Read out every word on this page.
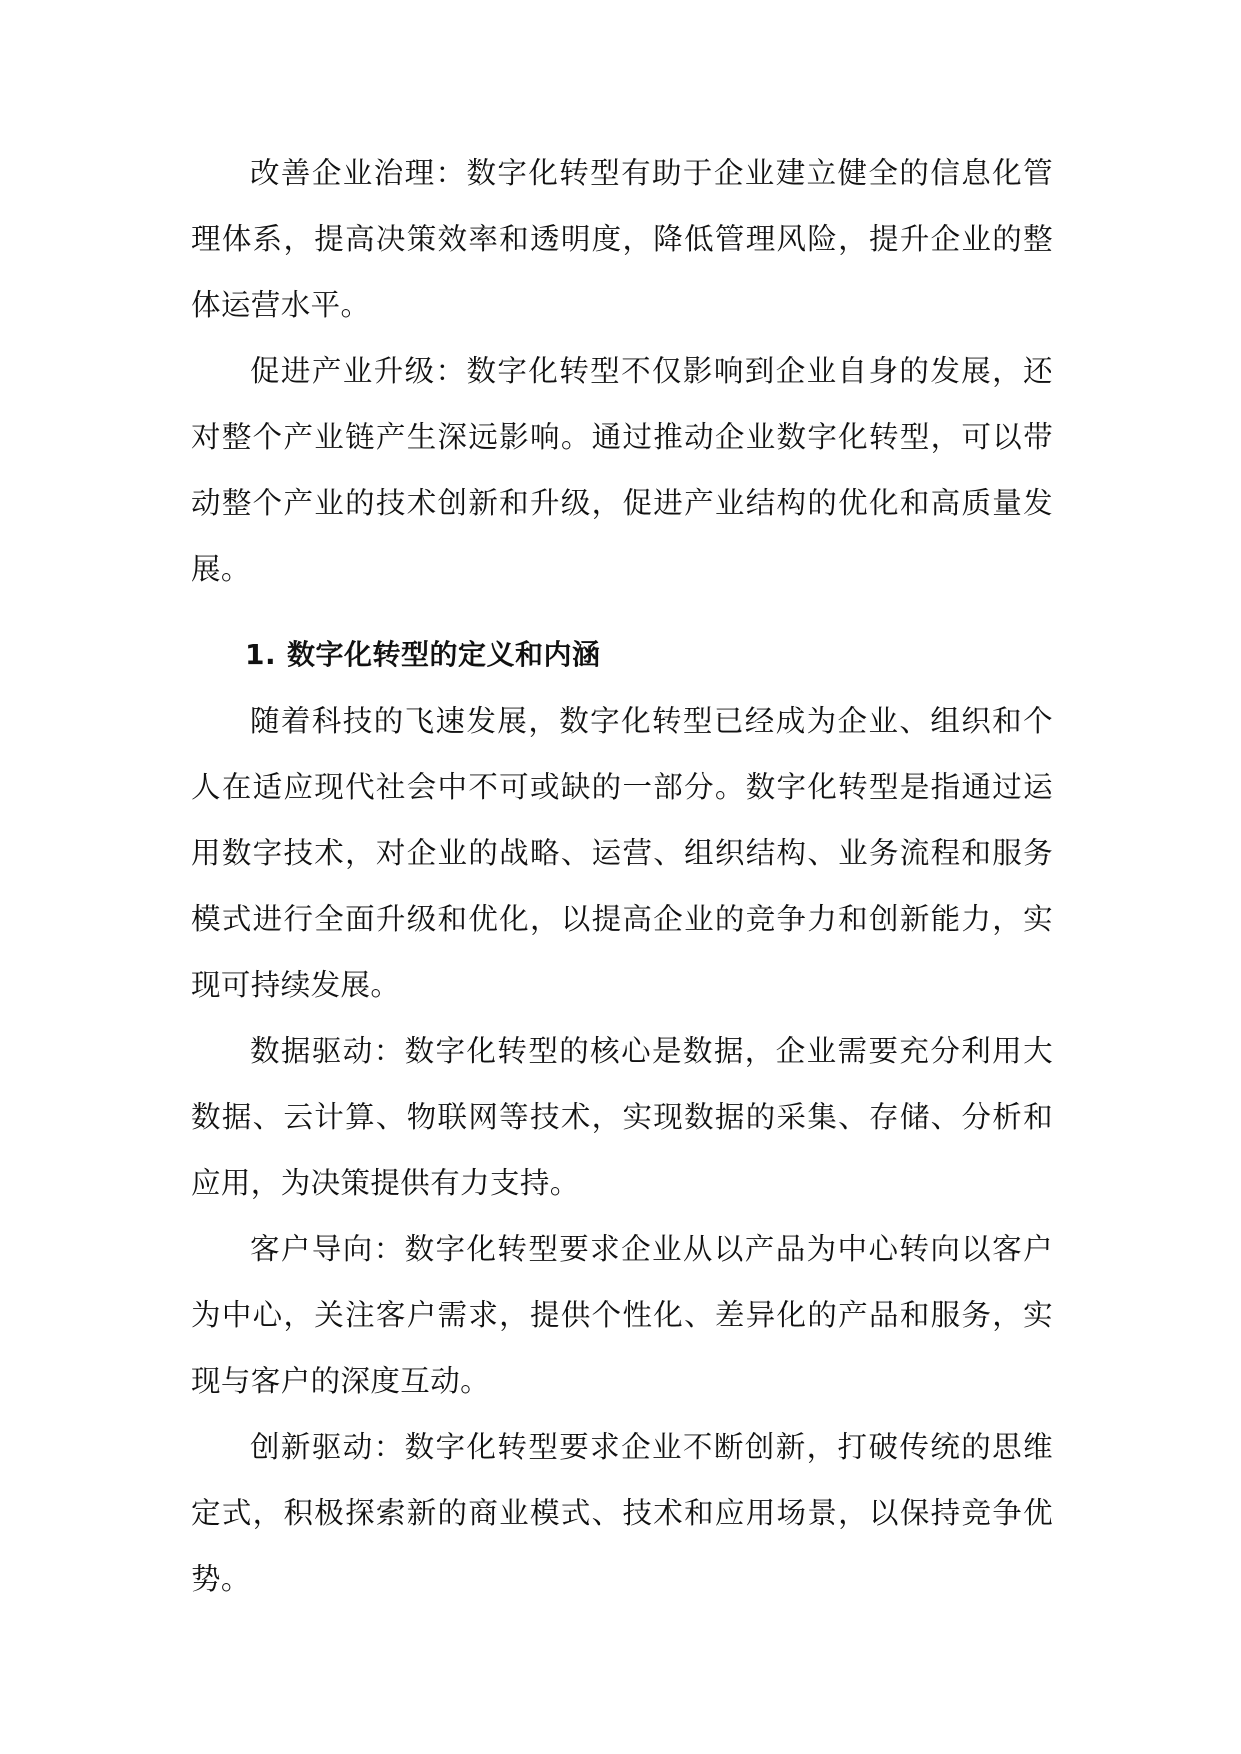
改善企业治理：数字化转型有助于企业建立健全的信息化管理体系，提高决策效率和透明度，降低管理风险，提升企业的整体运营水平。

促进产业升级：数字化转型不仅影响到企业自身的发展，还对整个产业链产生深远影响。通过推动企业数字化转型，可以带动整个产业的技术创新和升级，促进产业结构的优化和高质量发展。

1. 数字化转型的定义和内涵

随着科技的飞速发展，数字化转型已经成为企业、组织和个人在适应现代社会中不可或缺的一部分。数字化转型是指通过运用数字技术，对企业的战略、运营、组织结构、业务流程和服务模式进行全面升级和优化，以提高企业的竞争力和创新能力，实现可持续发展。

数据驱动：数字化转型的核心是数据，企业需要充分利用大数据、云计算、物联网等技术，实现数据的采集、存储、分析和应用，为决策提供有力支持。

客户导向：数字化转型要求企业从以产品为中心转向以客户为中心，关注客户需求，提供个性化、差异化的产品和服务，实现与客户的深度互动。

创新驱动：数字化转型要求企业不断创新，打破传统的思维定式，积极探索新的商业模式、技术和应用场景，以保持竞争优势。
